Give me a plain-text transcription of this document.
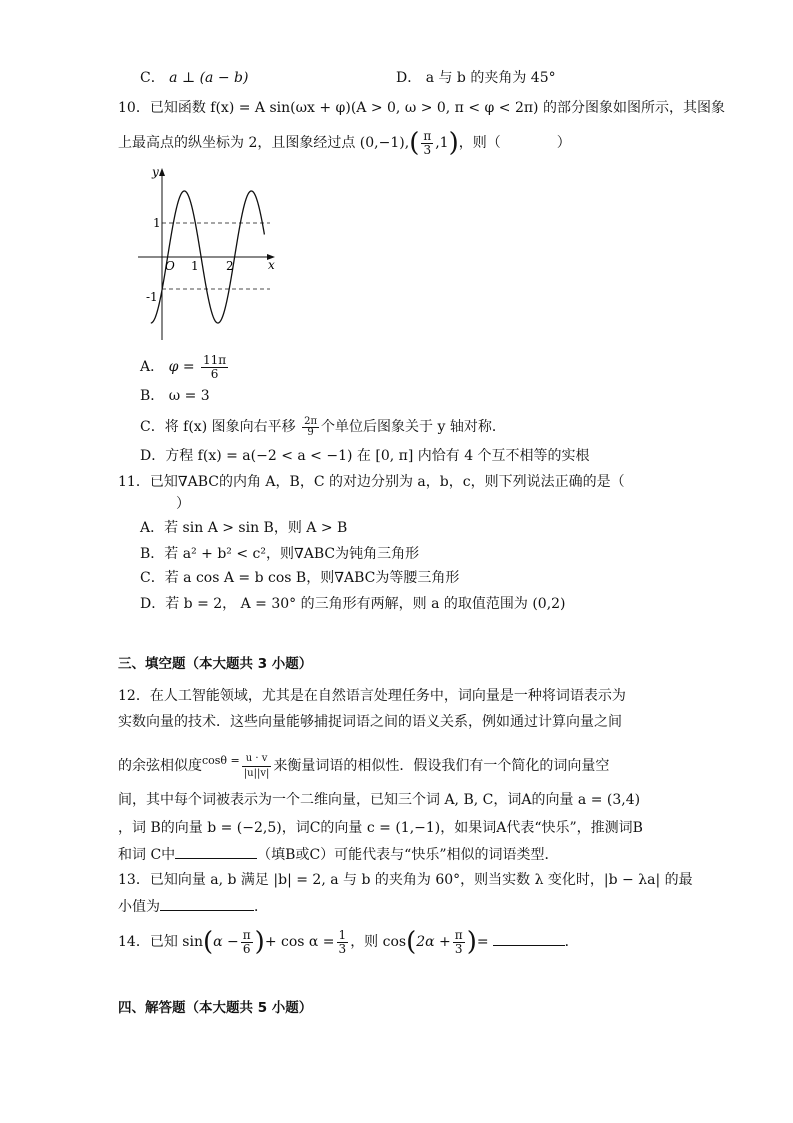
C． a ⊥ (a − b)	D． a 与 b 的夹角为 45°
10．已知函数 f(x) = A sin(ωx + φ)(A > 0, ω > 0, π < φ < 2π) 的部分图象如图所示，其图象
上最高点的纵坐标为 2，且图象经过点 $(0,-1),( \frac{\pi}{3} ,1)$，则（	）
y
x
O 1 2
1
-1
A． $\varphi = \frac{11\pi}{6}$
B． ω = 3
C．将 f(x) 图象向右平移 $\frac{2\pi}{9}$ 个单位后图象关于 y 轴对称．
D．方程 f(x) = a(−2 < a < −1) 在 [0, π] 内恰有 4 个互不相等的实根
11．已知∇ABC的内角 A，B，C 的对边分别为 a，b，c，则下列说法正确的是（
）
A．若 sin A > sin B，则 A > B
B．若 a² + b² < c²，则∇ABC为钝角三角形
C．若 a cos A = b cos B，则∇ABC为等腰三角形
D．若 b = 2， A = 30° 的三角形有两解，则 a 的取值范围为 (0,2)
三、填空题（本大题共 3 小题）
12．在人工智能领域，尤其是在自然语言处理任务中，词向量是一种将词语表示为
实数向量的技术．这些向量能够捕捉词语之间的语义关系，例如通过计算向量之间
的余弦相似度$^{cos\theta =} \frac{u \cdot v}{|u||v|}$ 来衡量词语的相似性．假设我们有一个简化的词向量空
间，其中每个词被表示为一个二维向量，已知三个词 A, B, C，词A的向量 a = (3,4)
，词 B的向量 b = (−2,5)，词C的向量 c = (1,−1)，如果词A代表“快乐”，推测词B
和词 C中	（填B或C）可能代表与“快乐”相似的词语类型．
13．已知向量 a, b 满足 |b| = 2, a 与 b 的夹角为 60°，则当实数 λ 变化时，|b − λa| 的最
小值为	．
14．已知 $\sin(\alpha - \frac{\pi}{6}$ )+ $\cos \alpha = \frac{1}{3}$ ，则 $\cos(2\alpha + \frac{\pi}{3}$ )=	．
四、解答题（本大题共 5 小题）
